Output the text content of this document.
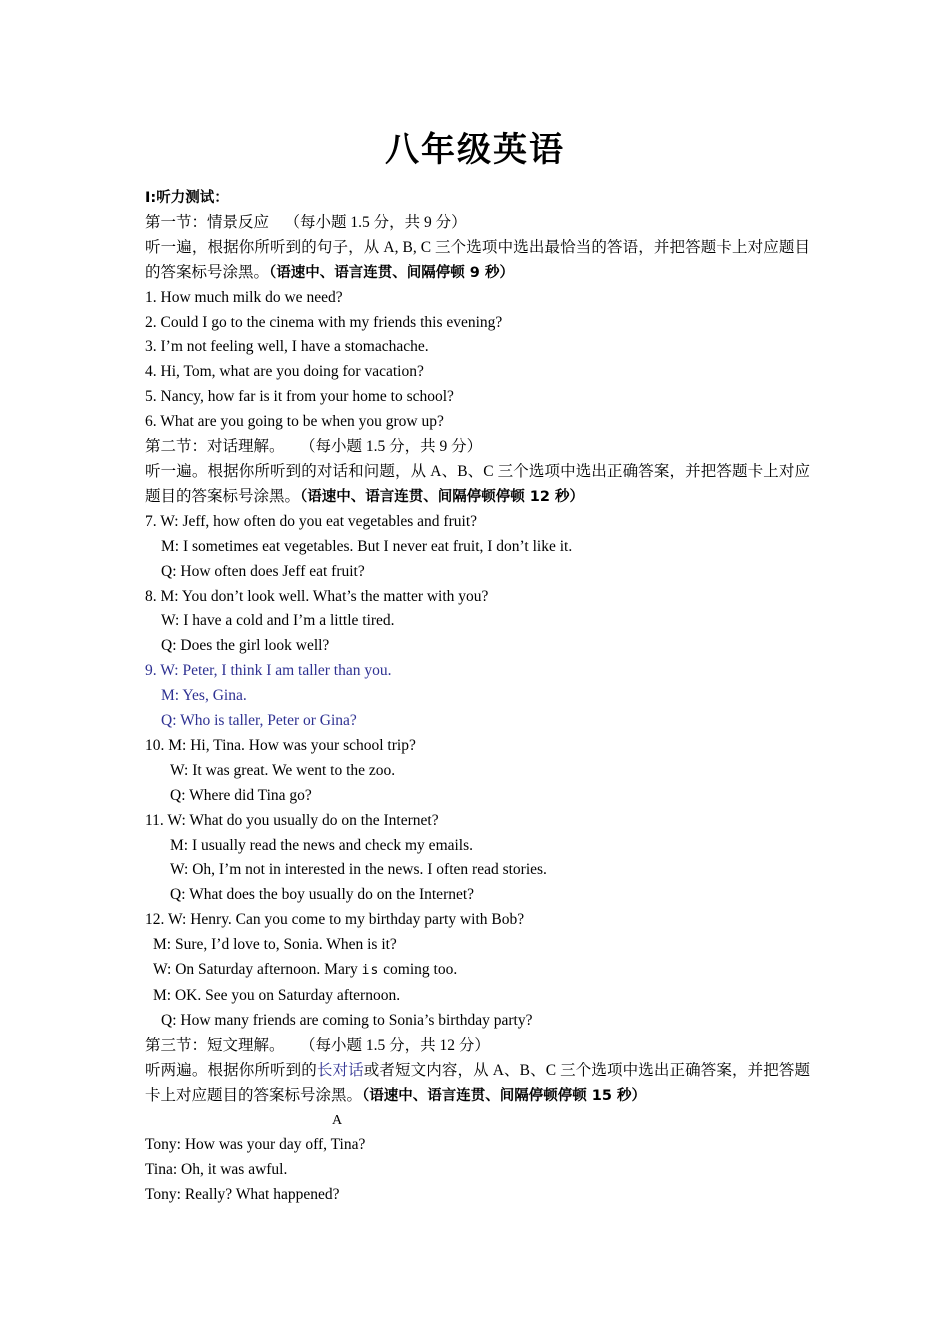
八年级英语
I:听力测试：
第一节：情景反应 （每小题 1.5 分，共 9 分）
听一遍，根据你所听到的句子，从 A, B, C 三个选项中选出最恰当的答语，并把答题卡上对应题目的答案标号涂黑。（语速中、语言连贯、间隔停顿 9 秒）
1. How much milk do we need?
2. Could I go to the cinema with my friends this evening?
3. I’m not feeling well, I have a stomachache.
4. Hi, Tom, what are you doing for vacation?
5. Nancy, how far is it from your home to school?
6. What are you going to be when you grow up?
第二节：对话理解。 （每小题 1.5 分，共 9 分）
听一遍。根据你所听到的对话和问题，从 A、B、C 三个选项中选出正确答案，并把答题卡上对应题目的答案标号涂黑。（语速中、语言连贯、间隔停顿停顿 12 秒）
7. W: Jeff, how often do you eat vegetables and fruit?
M: I sometimes eat vegetables. But I never eat fruit, I don’t like it.
Q: How often does Jeff eat fruit?
8. M: You don’t look well. What’s the matter with you?
W: I have a cold and I’m a little tired.
Q: Does the girl look well?
9. W: Peter, I think I am taller than you.
M: Yes, Gina.
Q: Who is taller, Peter or Gina?
10. M: Hi, Tina. How was your school trip?
W: It was great. We went to the zoo.
Q: Where did Tina go?
11. W: What do you usually do on the Internet?
M: I usually read the news and check my emails.
W: Oh, I’m not in interested in the news. I often read stories.
Q: What does the boy usually do on the Internet?
12. W: Henry. Can you come to my birthday party with Bob?
M: Sure, I’d love to, Sonia. When is it?
W: On Saturday afternoon. Mary is coming too.
M: OK. See you on Saturday afternoon.
Q: How many friends are coming to Sonia’s birthday party?
第三节：短文理解。 （每小题 1.5 分，共 12 分）
听两遍。根据你所听到的长对话或者短文内容，从 A、B、C 三个选项中选出正确答案，并把答题卡上对应题目的答案标号涂黑。（语速中、语言连贯、间隔停顿停顿 15 秒）
A
Tony: How was your day off, Tina?
Tina: Oh, it was awful.
Tony: Really? What happened?
